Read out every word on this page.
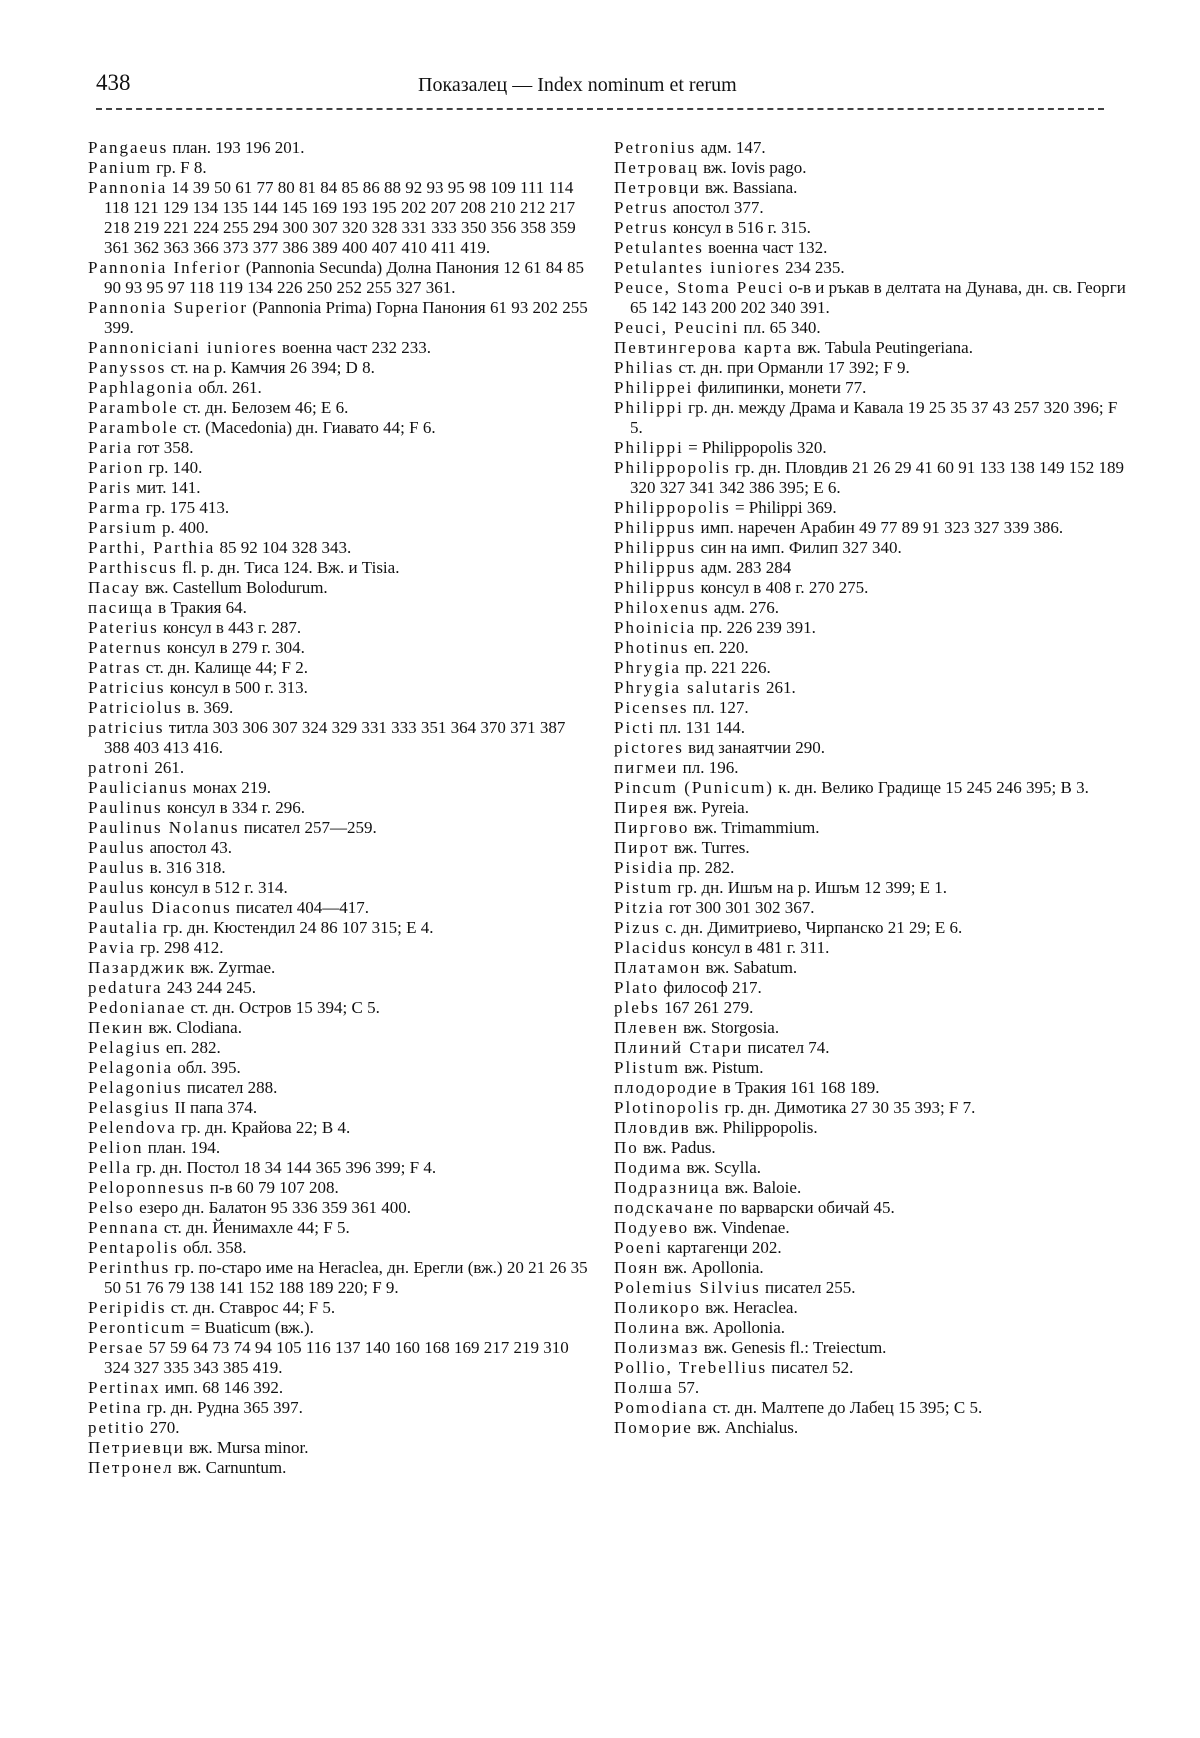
438	Показалец — Index nominum et rerum
Pangaeus план. 193 196 201.
Panium гр. F 8.
Pannonia 14 39 50 61 77 80 81 84 85 86 88 92 93 95 98 109 111 114 118 121 129 134 135 144 145 169 193 195 202 207 208 210 212 217 218 219 221 224 255 294 300 307 320 328 331 333 350 356 358 359 361 362 363 366 373 377 386 389 400 407 410 411 419.
Pannonia Inferior (Pannonia Secunda) Долна Панония 12 61 84 85 90 93 95 97 118 119 134 226 250 252 255 327 361.
Pannonia Superior (Pannonia Prima) Горна Панония 61 93 202 255 399.
Pannoniciani iuniores военна част 232 233.
Panyssos ст. на р. Камчия 26 394; D 8.
Paphlagonia обл. 261.
Parambole ст. дн. Белозем 46; E 6.
Parambole ст. (Macedonia) дн. Гиавато 44; F 6.
Paria гот 358.
Parion гр. 140.
Paris мит. 141.
Parma гр. 175 413.
Parsium р. 400.
Parthi, Parthia 85 92 104 328 343.
Parthiscus fl. р. дн. Тиса 124. Вж. и Tisia.
Пасау вж. Castellum Bolodurum.
пасища в Тракия 64.
Paterius консул в 443 г. 287.
Paternus консул в 279 г. 304.
Patras ст. дн. Калище 44; F 2.
Patricius консул в 500 г. 313.
Patriciolus в. 369.
patricius титла 303 306 307 324 329 331 333 351 364 370 371 387 388 403 413 416.
patroni 261.
Paulicianus монах 219.
Paulinus консул в 334 г. 296.
Paulinus Nolanus писател 257—259.
Paulus апостол 43.
Paulus в. 316 318.
Paulus консул в 512 г. 314.
Paulus Diaconus писател 404—417.
Pautalia гр. дн. Кюстендил 24 86 107 315; E 4.
Pavia гр. 298 412.
Пазарджик вж. Zyrmae.
pedatura 243 244 245.
Pedonianae ст. дн. Остров 15 394; C 5.
Пекин вж. Clodiana.
Pelagius еп. 282.
Pelagonia обл. 395.
Pelagonius писател 288.
Pelasgius II папа 374.
Pelendova гр. дн. Крайова 22; B 4.
Pelion план. 194.
Pella гр. дн. Постол 18 34 144 365 396 399; F 4.
Peloponnesus п-в 60 79 107 208.
Pelso езеро дн. Балатон 95 336 359 361 400.
Pennana ст. дн. Йенимахле 44; F 5.
Pentapolis обл. 358.
Perinthus гр. по-старо име на Heraclea, дн. Ерегли (вж.) 20 21 26 35 50 51 76 79 138 141 152 188 189 220; F 9.
Peripidis ст. дн. Ставрос 44; F 5.
Peronticum = Buaticum (вж.).
Persae 57 59 64 73 74 94 105 116 137 140 160 168 169 217 219 310 324 327 335 343 385 419.
Pertinax имп. 68 146 392.
Petina гр. дн. Рудна 365 397.
petitio 270.
Петриевци вж. Mursa minor.
Петронел вж. Carnuntum.
Petronius адм. 147.
Петровац вж. Iovis pago.
Петровци вж. Bassiana.
Petrus апостол 377.
Petrus консул в 516 г. 315.
Petulantes военна част 132.
Petulantes iuniores 234 235.
Peuce, Stoma Peuci о-в и ръкав в делтата на Дунава, дн. св. Георги 65 142 143 200 202 340 391.
Peuci, Peucini пл. 65 340.
Певтингерова карта вж. Tabula Peutingeriana.
Philias ст. дн. при Орманли 17 392; F 9.
Philippei филипинки, монети 77.
Philippi гр. дн. между Драма и Кавала 19 25 35 37 43 257 320 396; F 5.
Philippi = Philippopolis 320.
Philippopolis гр. дн. Пловдив 21 26 29 41 60 91 133 138 149 152 189 320 327 341 342 386 395; E 6.
Philippopolis = Philippi 369.
Philippus имп. наречен Арабин 49 77 89 91 323 327 339 386.
Philippus син на имп. Филип 327 340.
Philippus адм. 283 284
Philippus консул в 408 г. 270 275.
Philoxenus адм. 276.
Phoinicia пр. 226 239 391.
Photinus еп. 220.
Phrygia пр. 221 226.
Phrygia salutaris 261.
Picenses пл. 127.
Picti пл. 131 144.
pictores вид занаятчии 290.
пигмеи пл. 196.
Pincum (Punicum) к. дн. Велико Градище 15 245 246 395; B 3.
Пирея вж. Pyreia.
Пиргово вж. Trimammium.
Пирот вж. Turres.
Pisidia пр. 282.
Pistum гр. дн. Ишъм на р. Ишъм 12 399; E 1.
Pitzia гот 300 301 302 367.
Pizus с. дн. Димитриево, Чирпанско 21 29; E 6.
Placidus консул в 481 г. 311.
Платамон вж. Sabatum.
Plato философ 217.
plebs 167 261 279.
Плевен вж. Storgosia.
Плиний Стари писател 74.
Plistum вж. Pistum.
плодородие в Тракия 161 168 189.
Plotinopolis гр. дн. Димотика 27 30 35 393; F 7.
Пловдив вж. Philippopolis.
По вж. Padus.
Подима вж. Scylla.
Подразница вж. Baloie.
подскачане по варварски обичай 45.
Подуево вж. Vindenae.
Poeni картагенци 202.
Поян вж. Apollonia.
Polemius Silvius писател 255.
Поликоро вж. Heraclea.
Полина вж. Apollonia.
Полизмаз вж. Genesis fl.: Treiectum.
Pollio, Trebellius писател 52.
Полша 57.
Pomodiana ст. дн. Малтепе до Лабец 15 395; C 5.
Поморие вж. Anchialus.
